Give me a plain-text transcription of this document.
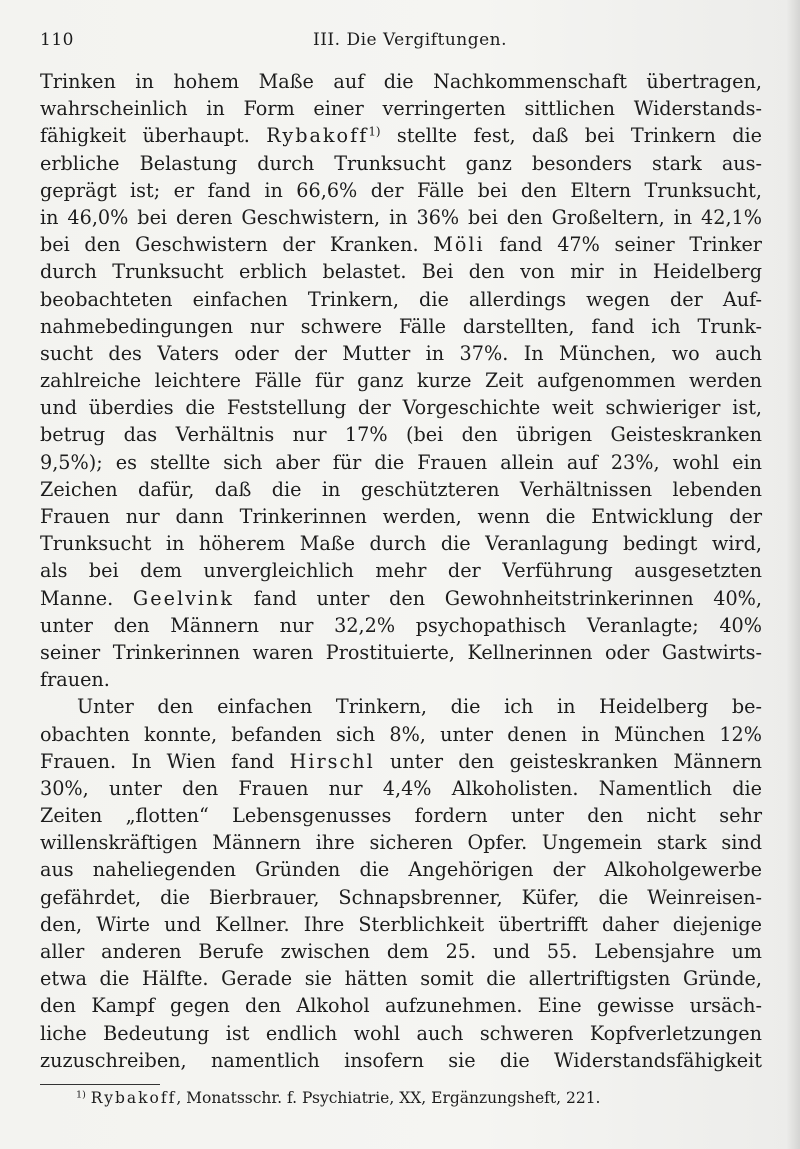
110	III. Die Vergiftungen.
Trinken in hohem Maße auf die Nachkommenschaft übertragen,
wahrscheinlich in Form einer verringerten sittlichen Widerstands-
fähigkeit überhaupt. Rybakoff$^{1)}$ stellte fest, daß bei Trinkern die
erbliche Belastung durch Trunksucht ganz besonders stark aus-
geprägt ist; er fand in 66,6% der Fälle bei den Eltern Trunksucht,
in 46,0% bei deren Geschwistern, in 36% bei den Großeltern, in 42,1%
bei den Geschwistern der Kranken. Möli fand 47% seiner Trinker
durch Trunksucht erblich belastet. Bei den von mir in Heidelberg
beobachteten einfachen Trinkern, die allerdings wegen der Auf-
nahmebedingungen nur schwere Fälle darstellten, fand ich Trunk-
sucht des Vaters oder der Mutter in 37%. In München, wo auch
zahlreiche leichtere Fälle für ganz kurze Zeit aufgenommen werden
und überdies die Feststellung der Vorgeschichte weit schwieriger ist,
betrug das Verhältnis nur 17% (bei den übrigen Geisteskranken
9,5%); es stellte sich aber für die Frauen allein auf 23%, wohl ein
Zeichen dafür, daß die in geschützteren Verhältnissen lebenden
Frauen nur dann Trinkerinnen werden, wenn die Entwicklung der
Trunksucht in höherem Maße durch die Veranlagung bedingt wird,
als bei dem unvergleichlich mehr der Verführung ausgesetzten
Manne. Geelvink fand unter den Gewohnheitstrinkerinnen 40%,
unter den Männern nur 32,2% psychopathisch Veranlagte; 40%
seiner Trinkerinnen waren Prostituierte, Kellnerinnen oder Gastwirts-
frauen.
Unter den einfachen Trinkern, die ich in Heidelberg be-
obachten konnte, befanden sich 8%, unter denen in München 12%
Frauen. In Wien fand Hirschl unter den geisteskranken Männern
30%, unter den Frauen nur 4,4% Alkoholisten. Namentlich die
Zeiten „flotten“ Lebensgenusses fordern unter den nicht sehr
willenskräftigen Männern ihre sicheren Opfer. Ungemein stark sind
aus naheliegenden Gründen die Angehörigen der Alkoholgewerbe
gefährdet, die Bierbrauer, Schnapsbrenner, Küfer, die Weinreisen-
den, Wirte und Kellner. Ihre Sterblichkeit übertrifft daher diejenige
aller anderen Berufe zwischen dem 25. und 55. Lebensjahre um
etwa die Hälfte. Gerade sie hätten somit die allertriftigsten Gründe,
den Kampf gegen den Alkohol aufzunehmen. Eine gewisse ursäch-
liche Bedeutung ist endlich wohl auch schweren Kopfverletzungen
zuzuschreiben, namentlich insofern sie die Widerstandsfähigkeit
$^{1)}$ Rybakoff, Monatsschr. f. Psychiatrie, XX, Ergänzungsheft, 221.
